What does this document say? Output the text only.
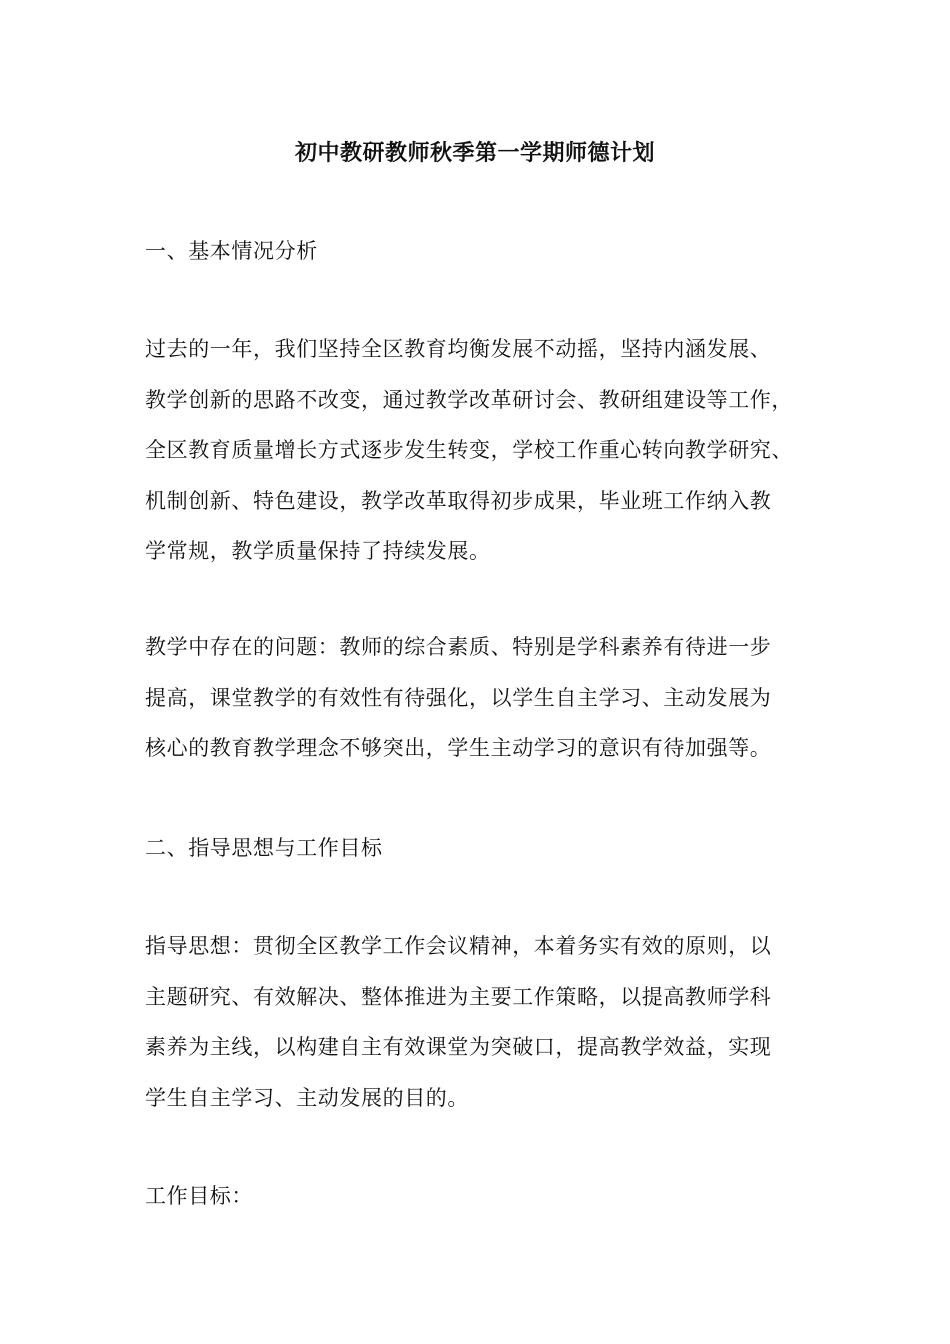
初中教研教师秋季第一学期师德计划
一、基本情况分析
过去的一年，我们坚持全区教育均衡发展不动摇，坚持内涵发展、
教学创新的思路不改变，通过教学改革研讨会、教研组建设等工作，
全区教育质量增长方式逐步发生转变，学校工作重心转向教学研究、
机制创新、特色建设，教学改革取得初步成果，毕业班工作纳入教
学常规，教学质量保持了持续发展。
教学中存在的问题：教师的综合素质、特别是学科素养有待进一步
提高，课堂教学的有效性有待强化，以学生自主学习、主动发展为
核心的教育教学理念不够突出，学生主动学习的意识有待加强等。
二、指导思想与工作目标
指导思想：贯彻全区教学工作会议精神，本着务实有效的原则，以
主题研究、有效解决、整体推进为主要工作策略，以提高教师学科
素养为主线，以构建自主有效课堂为突破口，提高教学效益，实现
学生自主学习、主动发展的目的。
工作目标：
